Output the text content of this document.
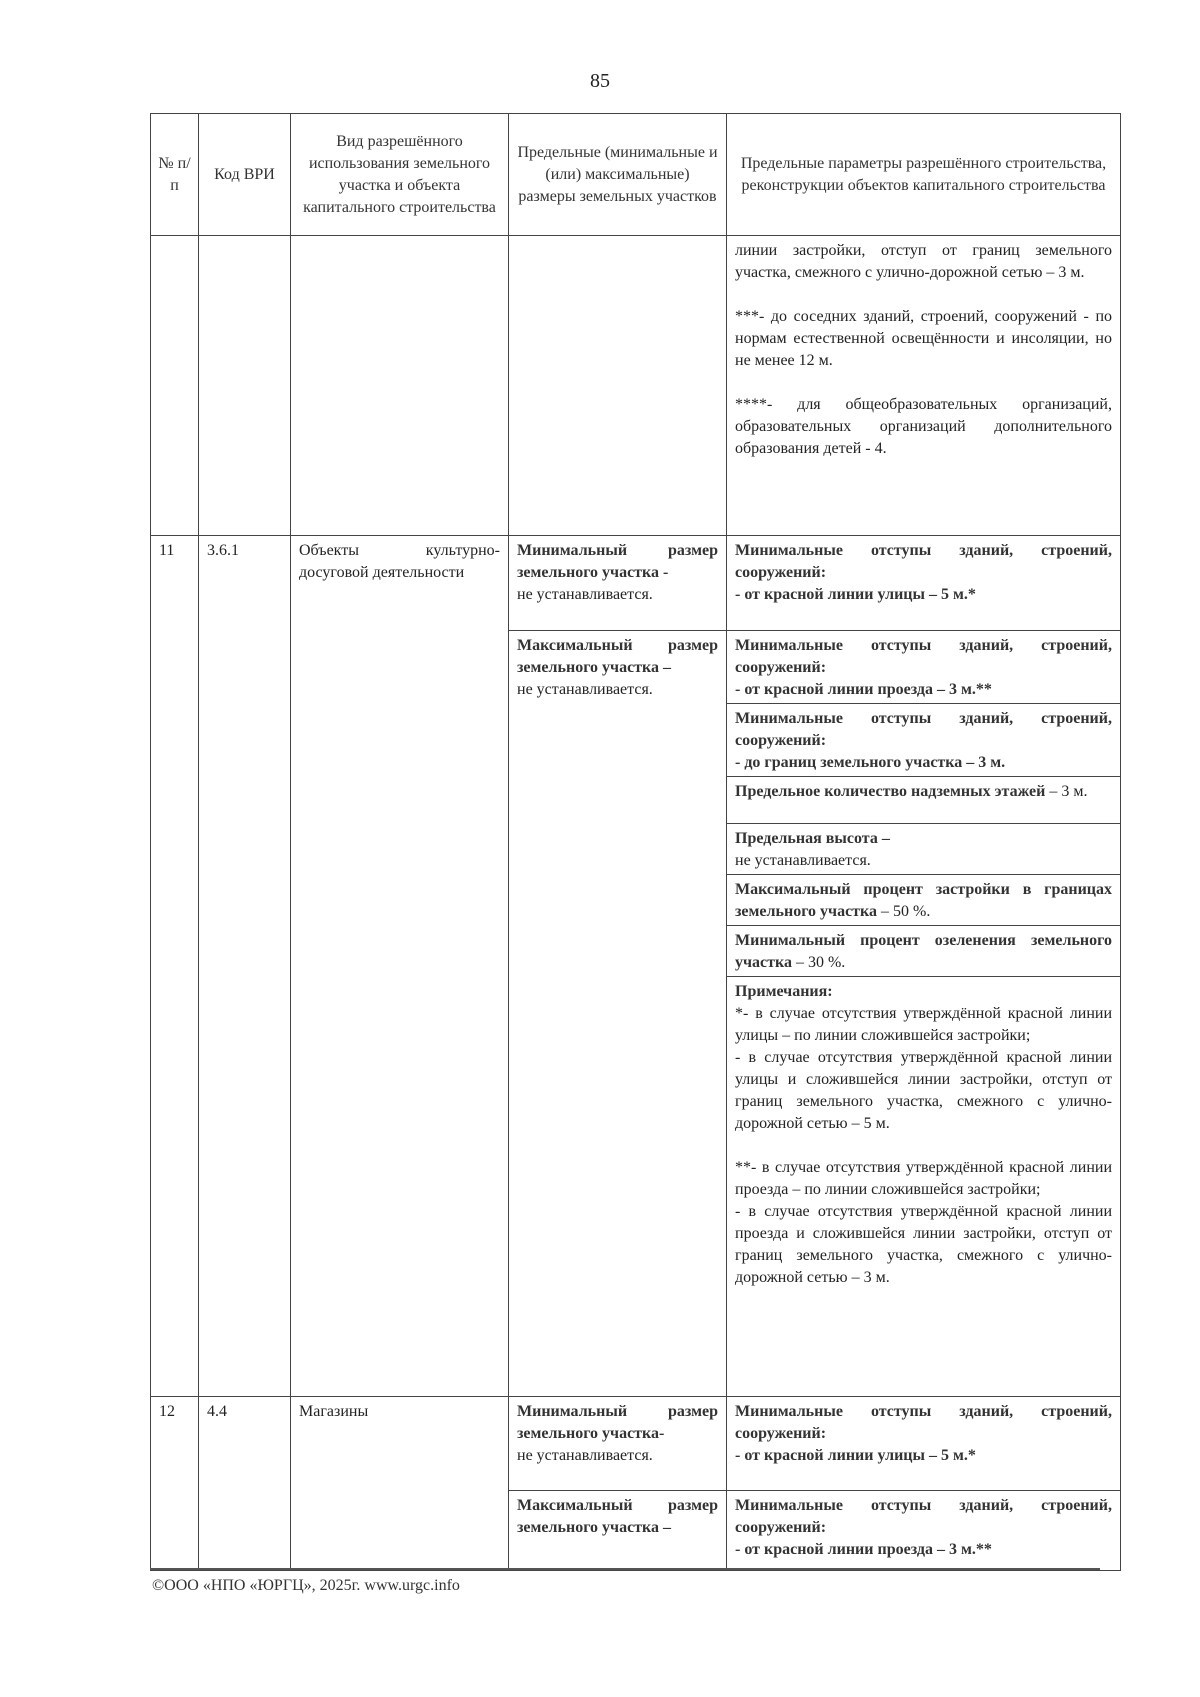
85
№ п/п	Код ВРИ	Вид разрешённого использования земельного участка и объекта капитального строительства	Предельные (минимальные и (или) максимальные) размеры земельных участков	Предельные параметры разрешённого строительства, реконструкции объектов капитального строительства

				линии застройки, отступ от границ земельного участка, смежного с улично-дорожной сетью – 3 м.
***- до соседних зданий, строений, сооружений - по нормам естественной освещённости и инсоляции, но не менее 12 м.
****- для общеобразовательных организаций, образовательных организаций дополнительного образования детей - 4.

11	3.6.1	Объекты культурно-досуговой деятельности	Минимальный размер земельного участка -
не устанавливается.	Минимальные отступы зданий, строений, сооружений:
- от красной линии улицы – 5 м.*
			Максимальный размер земельного участка –
не устанавливается.	Минимальные отступы зданий, строений, сооружений:
- от красной линии проезда – 3 м.**
				Минимальные отступы зданий, строений, сооружений:
- до границ земельного участка – 3 м.
				Предельное количество надземных этажей – 3 м.
				Предельная высота –
не устанавливается.
				Максимальный процент застройки в границах земельного участка – 50 %.
				Минимальный процент озеленения земельного участка – 30 %.

				Примечания:
*- в случае отсутствия утверждённой красной линии улицы – по линии сложившейся застройки;
- в случае отсутствия утверждённой красной линии улицы и сложившейся линии застройки, отступ от границ земельного участка, смежного с улично-дорожной сетью – 5 м.
**- в случае отсутствия утверждённой красной линии проезда – по линии сложившейся застройки;
- в случае отсутствия утверждённой красной линии проезда и сложившейся линии застройки, отступ от границ земельного участка, смежного с улично-дорожной сетью – 3 м.

12	4.4	Магазины	Минимальный размер земельного участка-
не устанавливается.	Минимальные отступы зданий, строений, сооружений:
- от красной линии улицы – 5 м.*
			Максимальный размер земельного участка –	Минимальные отступы зданий, строений, сооружений:
- от красной линии проезда – 3 м.**
©ООО «НПО «ЮРГЦ», 2025г. www.urgc.info
